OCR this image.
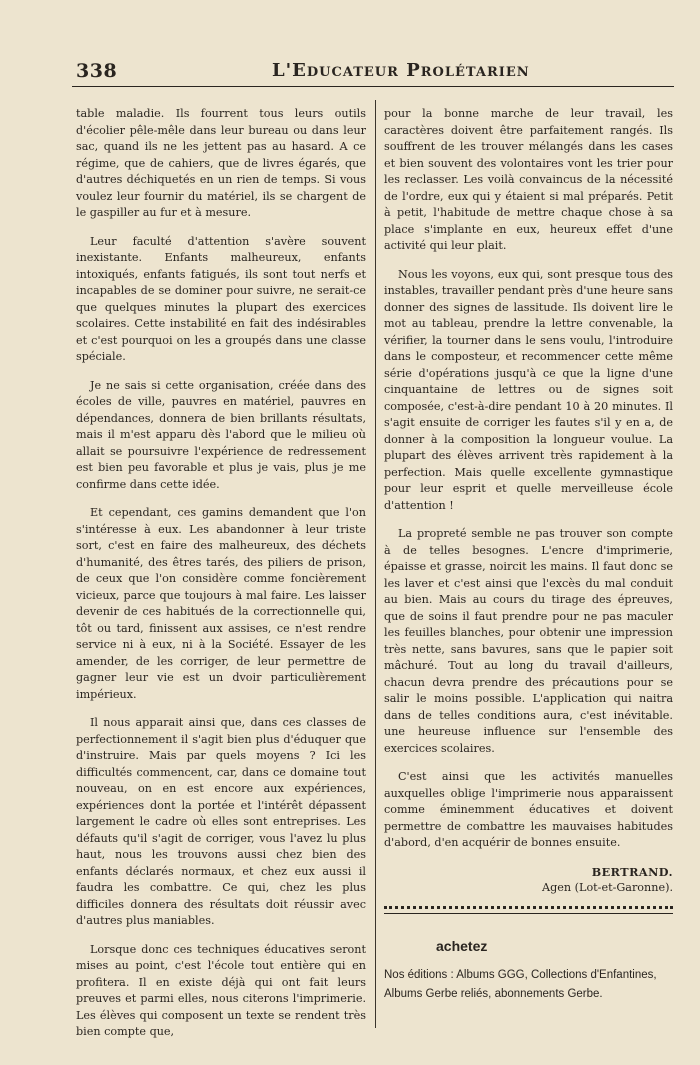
338	L'Educateur Prolétarien

table maladie. Ils fourrent tous leurs outils d'écolier pêle-mêle dans leur bureau ou dans leur sac, quand ils ne les jettent pas au hasard. A ce régime, que de cahiers, que de livres égarés, que d'autres déchiquetés en un rien de temps. Si vous voulez leur fournir du matériel, ils se chargent de le gaspiller au fur et à mesure.

Leur faculté d'attention s'avère souvent inexistante. Enfants malheureux, enfants intoxiqués, enfants fatigués, ils sont tout nerfs et incapables de se dominer pour suivre, ne serait-ce que quelques minutes la plupart des exercices scolaires. Cette instabilité en fait des indésirables et c'est pourquoi on les a groupés dans une classe spéciale.

Je ne sais si cette organisation, créée dans des écoles de ville, pauvres en matériel, pauvres en dépendances, donnera de bien brillants résultats, mais il m'est apparu dès l'abord que le milieu où allait se poursuivre l'expérience de redressement est bien peu favorable et plus je vais, plus je me confirme dans cette idée.

Et cependant, ces gamins demandent que l'on s'intéresse à eux. Les abandonner à leur triste sort, c'est en faire des malheureux, des déchets d'humanité, des êtres tarés, des piliers de prison, de ceux que l'on considère comme foncièrement vicieux, parce que toujours à mal faire. Les laisser devenir de ces habitués de la correctionnelle qui, tôt ou tard, finissent aux assises, ce n'est rendre service ni à eux, ni à la Société. Essayer de les amender, de les corriger, de leur permettre de gagner leur vie est un dvoir particulièrement impérieux.

Il nous apparait ainsi que, dans ces classes de perfectionnement il s'agit bien plus d'éduquer que d'instruire. Mais par quels moyens ? Ici les difficultés commencent, car, dans ce domaine tout nouveau, on en est encore aux expériences, expériences dont la portée et l'intérêt dépassent largement le cadre où elles sont entreprises. Les défauts qu'il s'agit de corriger, vous l'avez lu plus haut, nous les trouvons aussi chez bien des enfants déclarés normaux, et chez eux aussi il faudra les combattre. Ce qui, chez les plus difficiles donnera des résultats doit réussir avec d'autres plus maniables.

Lorsque donc ces techniques éducatives seront mises au point, c'est l'école tout entière qui en profitera. Il en existe déjà qui ont fait leurs preuves et parmi elles, nous citerons l'imprimerie. Les élèves qui composent un texte se rendent très bien compte que,

pour la bonne marche de leur travail, les caractères doivent être parfaitement rangés. Ils souffrent de les trouver mélangés dans les cases et bien souvent des volontaires vont les trier pour les reclasser. Les voilà convaincus de la nécessité de l'ordre, eux qui y étaient si mal préparés. Petit à petit, l'habitude de mettre chaque chose à sa place s'implante en eux, heureux effet d'une activité qui leur plait.

Nous les voyons, eux qui, sont presque tous des instables, travailler pendant près d'une heure sans donner des signes de lassitude. Ils doivent lire le mot au tableau, prendre la lettre convenable, la vérifier, la tourner dans le sens voulu, l'introduire dans le composteur, et recommencer cette même série d'opérations jusqu'à ce que la ligne d'une cinquantaine de lettres ou de signes soit composée, c'est-à-dire pendant 10 à 20 minutes. Il s'agit ensuite de corriger les fautes s'il y en a, de donner à la composition la longueur voulue. La plupart des élèves arrivent très rapidement à la perfection. Mais quelle excellente gymnastique pour leur esprit et quelle merveilleuse école d'attention !

La propreté semble ne pas trouver son compte à de telles besognes. L'encre d'imprimerie, épaisse et grasse, noircit les mains. Il faut donc se les laver et c'est ainsi que l'excès du mal conduit au bien. Mais au cours du tirage des épreuves, que de soins il faut prendre pour ne pas maculer les feuilles blanches, pour obtenir une impression très nette, sans bavures, sans que le papier soit mâchuré. Tout au long du travail d'ailleurs, chacun devra prendre des précautions pour se salir le moins possible. L'application qui naitra dans de telles conditions aura, c'est inévitable. une heureuse influence sur l'ensemble des exercices scolaires.

C'est ainsi que les activités manuelles auxquelles oblige l'imprimerie nous apparaissent comme éminemment éducatives et doivent permettre de combattre les mauvaises habitudes d'abord, d'en acquérir de bonnes ensuite.

BERTRAND.
Agen (Lot-et-Garonne).
achetez
Nos éditions : Albums GGG, Collections d'Enfantines, Albums Gerbe reliés, abonnements Gerbe.
